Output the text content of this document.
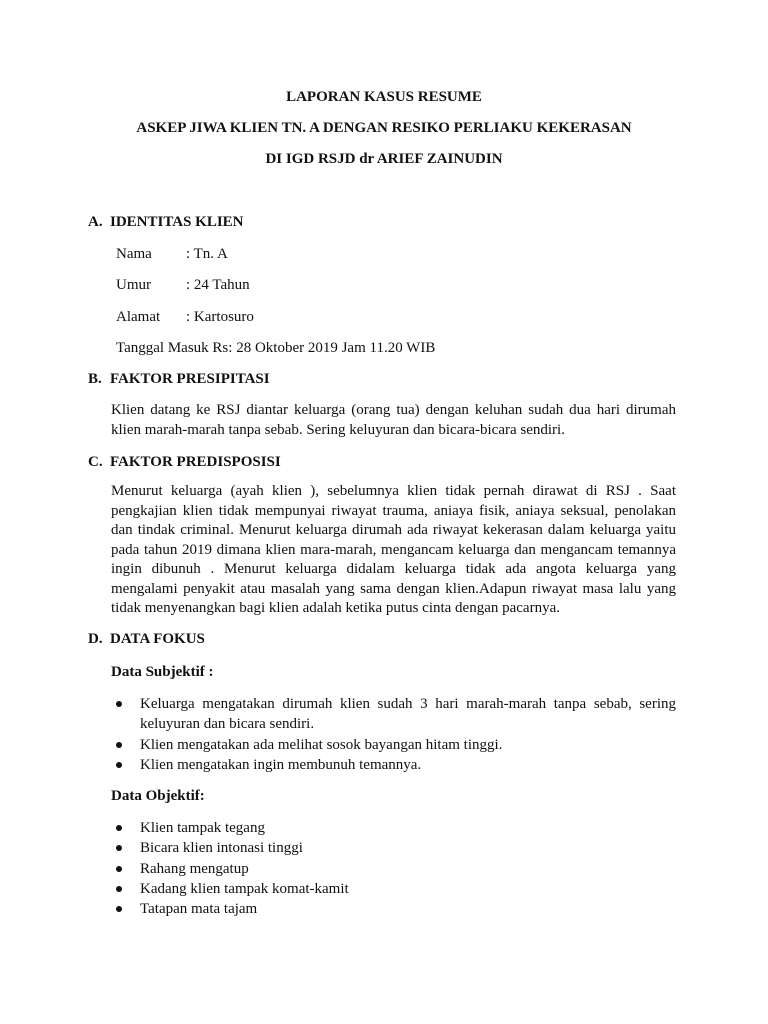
LAPORAN KASUS RESUME
ASKEP JIWA KLIEN TN. A DENGAN RESIKO PERLIAKU KEKERASAN
DI IGD RSJD dr ARIEF ZAINUDIN
A. IDENTITAS KLIEN
Nama : Tn. A
Umur : 24 Tahun
Alamat : Kartosuro
Tanggal Masuk Rs: 28 Oktober 2019 Jam 11.20 WIB
B. FAKTOR PRESIPITASI
Klien datang ke RSJ diantar keluarga (orang tua) dengan keluhan sudah dua hari dirumah klien marah-marah tanpa sebab. Sering keluyuran dan bicara-bicara sendiri.
C. FAKTOR PREDISPOSISI
Menurut keluarga (ayah klien ), sebelumnya klien tidak pernah dirawat di RSJ . Saat pengkajian klien tidak mempunyai riwayat trauma, aniaya fisik, aniaya seksual, penolakan dan tindak criminal. Menurut keluarga dirumah ada riwayat kekerasan dalam keluarga yaitu pada tahun 2019 dimana klien mara-marah, mengancam keluarga dan mengancam temannya ingin dibunuh . Menurut keluarga didalam keluarga tidak ada angota keluarga yang mengalami penyakit atau masalah yang sama dengan klien.Adapun riwayat masa lalu yang tidak menyenangkan bagi klien adalah ketika putus cinta dengan pacarnya.
D. DATA FOKUS
Data Subjektif :
Keluarga mengatakan dirumah klien sudah 3 hari marah-marah tanpa sebab, sering keluyuran dan bicara sendiri.
Klien mengatakan ada melihat sosok bayangan hitam tinggi.
Klien mengatakan ingin membunuh temannya.
Data Objektif:
Klien tampak tegang
Bicara klien intonasi tinggi
Rahang mengatup
Kadang klien tampak komat-kamit
Tatapan mata tajam
